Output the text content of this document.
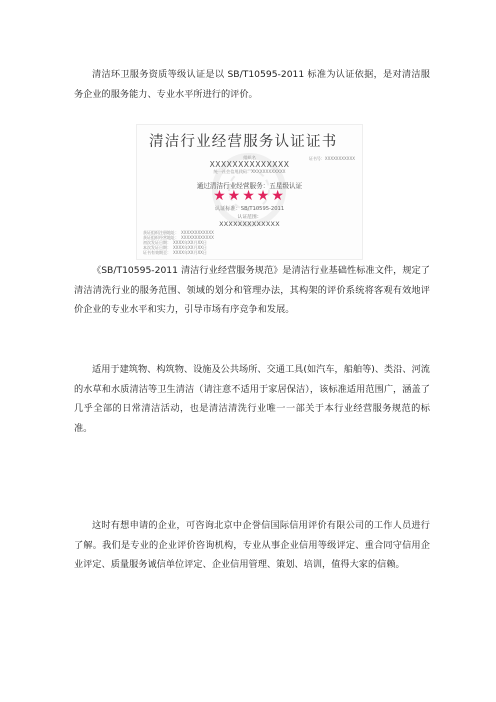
清洁环卫服务资质等级认证是以 SB/T10595-2011 标准为认证依据，是对清洁服务企业的服务能力、专业水平所进行的评价。

清洁行业经营服务认证证书
证书号：XXXXXXXXXXX
组织名
XXXXXXXXXXXXXX
统一社会信用代码：XXXXXXXXXXXX
通过清洁行业经营服务：五星级认证
★★★★★
认证标准：SB/T10595-2011
认证范围：
XXXXXXXXXXXXX
获证组织注册地址： XXXXXXXXXXXX
获证组织经营地址： XXXXXXXXXXXX
初次发证日期： XXXX年XX月XX日
本次发证日期： XXXX年XX月XX日
证书有效期至： XXXX年XX月XX日

《SB/T10595-2011 清洁行业经营服务规范》是清洁行业基础性标准文件，规定了清洁清洗行业的服务范围、领域的划分和管理办法，其构架的评价系统将客观有效地评价企业的专业水平和实力，引导市场有序竞争和发展。

适用于建筑物、构筑物、设施及公共场所、交通工具(如汽车，船舶等)、类沿、河流的水草和水质清洁等卫生清洁（请注意不适用于家居保洁），该标准适用范围广，涵盖了几乎全部的日常清洁活动，也是清洁清洗行业唯一一部关于本行业经营服务规范的标准。

这时有想申请的企业，可咨询北京中企誉信国际信用评价有限公司的工作人员进行了解。我们是专业的企业评价咨询机构，专业从事企业信用等级评定、重合同守信用企业评定、质量服务诚信单位评定、企业信用管理、策划、培训，值得大家的信赖。
